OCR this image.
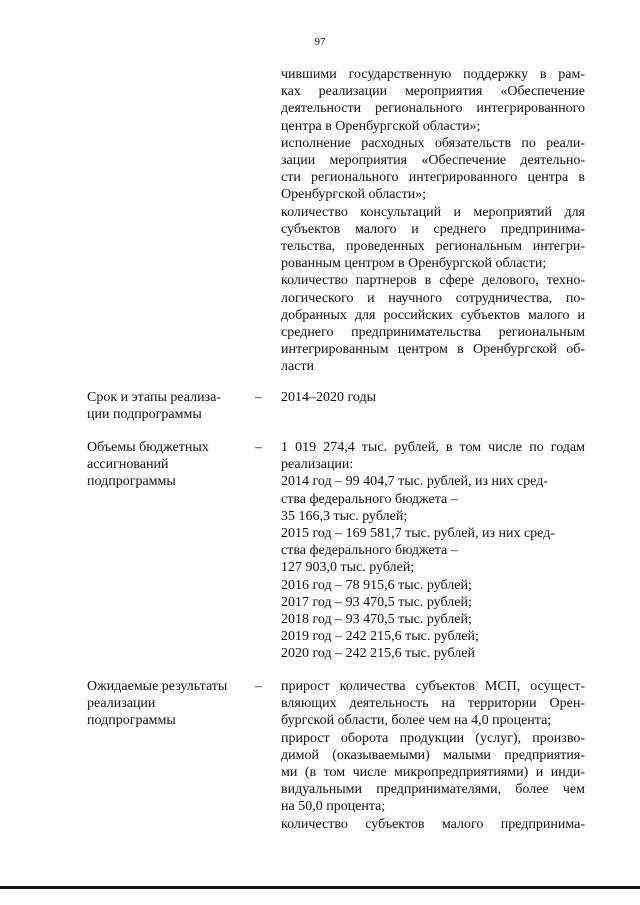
97
чившими государственную поддержку в рам-
ках реализации мероприятия «Обеспечение
деятельности регионального интегрированного
центра в Оренбургской области»;
исполнение расходных обязательств по реали-
зации мероприятия «Обеспечение деятельно-
сти регионального интегрированного центра в
Оренбургской области»;
количество консультаций и мероприятий для
субъектов малого и среднего предпринима-
тельства, проведенных региональным интегри-
рованным центром в Оренбургской области;
количество партнеров в сфере делового, техно-
логического и научного сотрудничества, по-
добранных для российских субъектов малого и
среднего предпринимательства региональным
интегрированным центром в Оренбургской об-
ласти
Срок и этапы реализа-
ции подпрограммы
– 2014–2020 годы
Объемы бюджетных
ассигнований
подпрограммы
– 1 019 274,4 тыс. рублей, в том числе по годам
реализации:
2014 год – 99 404,7 тыс. рублей, из них сред-
ства федерального бюджета –
35 166,3 тыс. рублей;
2015 год – 169 581,7 тыс. рублей, из них сред-
ства федерального бюджета –
127 903,0 тыс. рублей;
2016 год – 78 915,6 тыс. рублей;
2017 год – 93 470,5 тыс. рублей;
2018 год – 93 470,5 тыс. рублей;
2019 год – 242 215,6 тыс. рублей;
2020 год – 242 215,6 тыс. рублей
Ожидаемые результаты
реализации
подпрограммы
– прирост количества субъектов МСП, осущест-
вляющих деятельность на территории Орен-
бургской области, более чем на 4,0 процента;
прирост оборота продукции (услуг), произво-
димой (оказываемыми) малыми предприятия-
ми (в том числе микропредприятиями) и инди-
видуальными предпринимателями, более чем
на 50,0 процента;
количество субъектов малого предпринима-
